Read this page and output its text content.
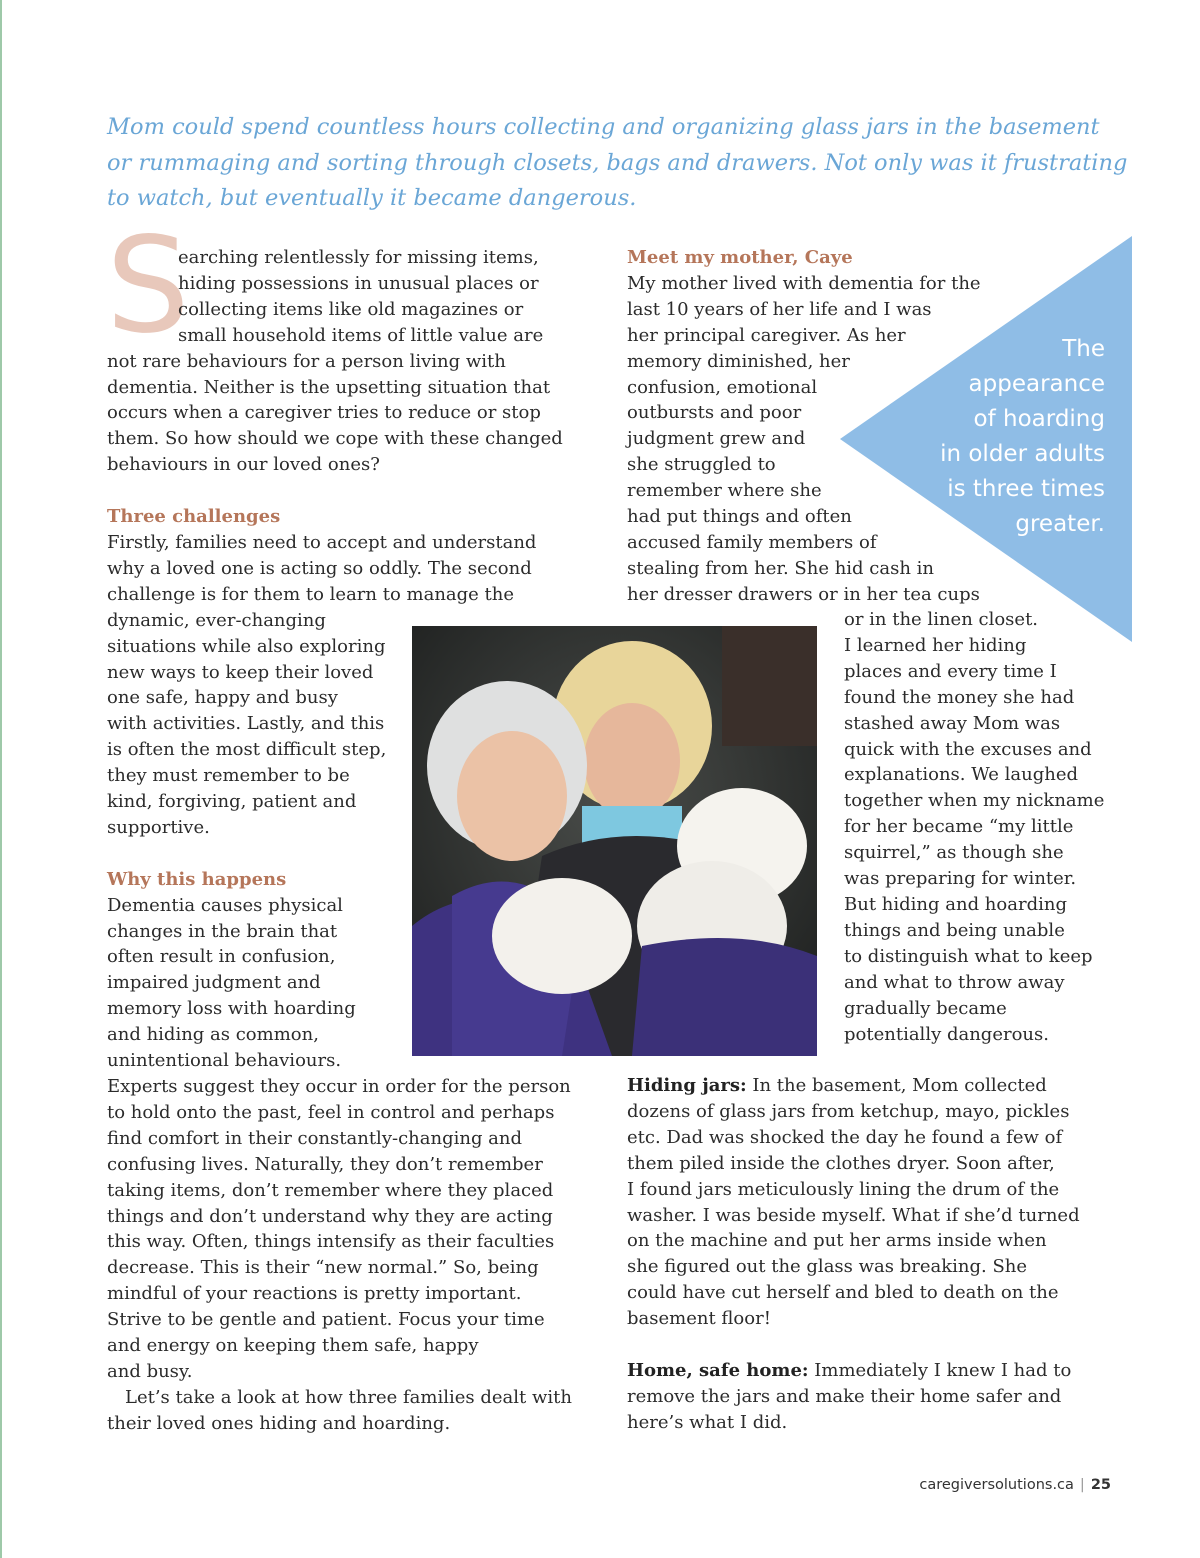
Mom could spend countless hours collecting and organizing glass jars in the basement
or rummaging and sorting through closets, bags and drawers. Not only was it frustrating
to watch, but eventually it became dangerous.
S
earching relentlessly for missing items,
hiding possessions in unusual places or
collecting items like old magazines or
small household items of little value are
not rare behaviours for a person living with
dementia. Neither is the upsetting situation that
occurs when a caregiver tries to reduce or stop
them. So how should we cope with these changed
behaviours in our loved ones?

Three challenges
Firstly, families need to accept and understand
why a loved one is acting so oddly. The second
challenge is for them to learn to manage the
dynamic, ever-changing
situations while also exploring
new ways to keep their loved
one safe, happy and busy
with activities. Lastly, and this
is often the most difficult step,
they must remember to be
kind, forgiving, patient and
supportive.

Why this happens
Dementia causes physical
changes in the brain that
often result in confusion,
impaired judgment and
memory loss with hoarding
and hiding as common,
unintentional behaviours.
Experts suggest they occur in order for the person
to hold onto the past, feel in control and perhaps
find comfort in their constantly-changing and
confusing lives. Naturally, they don’t remember
taking items, don’t remember where they placed
things and don’t understand why they are acting
this way. Often, things intensify as their faculties
decrease. This is their “new normal.” So, being
mindful of your reactions is pretty important.
Strive to be gentle and patient. Focus your time
and energy on keeping them safe, happy
and busy.
Let’s take a look at how three families dealt with
their loved ones hiding and hoarding.
The
appearance
of hoarding
in older adults
is three times
greater.
Meet my mother, Caye
My mother lived with dementia for the
last 10 years of her life and I was
her principal caregiver. As her
memory diminished, her
confusion, emotional
outbursts and poor
judgment grew and
she struggled to
remember where she
had put things and often
accused family members of
stealing from her. She hid cash in
her dresser drawers or in her tea cups
or in the linen closet.
I learned her hiding
places and every time I
found the money she had
stashed away Mom was
quick with the excuses and
explanations. We laughed
together when my nickname
for her became “my little
squirrel,” as though she
was preparing for winter.
But hiding and hoarding
things and being unable
to distinguish what to keep
and what to throw away
gradually became
potentially dangerous.
Hiding jars: In the basement, Mom collected
dozens of glass jars from ketchup, mayo, pickles
etc. Dad was shocked the day he found a few of
them piled inside the clothes dryer. Soon after,
I found jars meticulously lining the drum of the
washer. I was beside myself. What if she’d turned
on the machine and put her arms inside when
she figured out the glass was breaking. She
could have cut herself and bled to death on the
basement floor!

Home, safe home: Immediately I knew I had to
remove the jars and make their home safer and
here’s what I did.
caregiversolutions.ca | 25
